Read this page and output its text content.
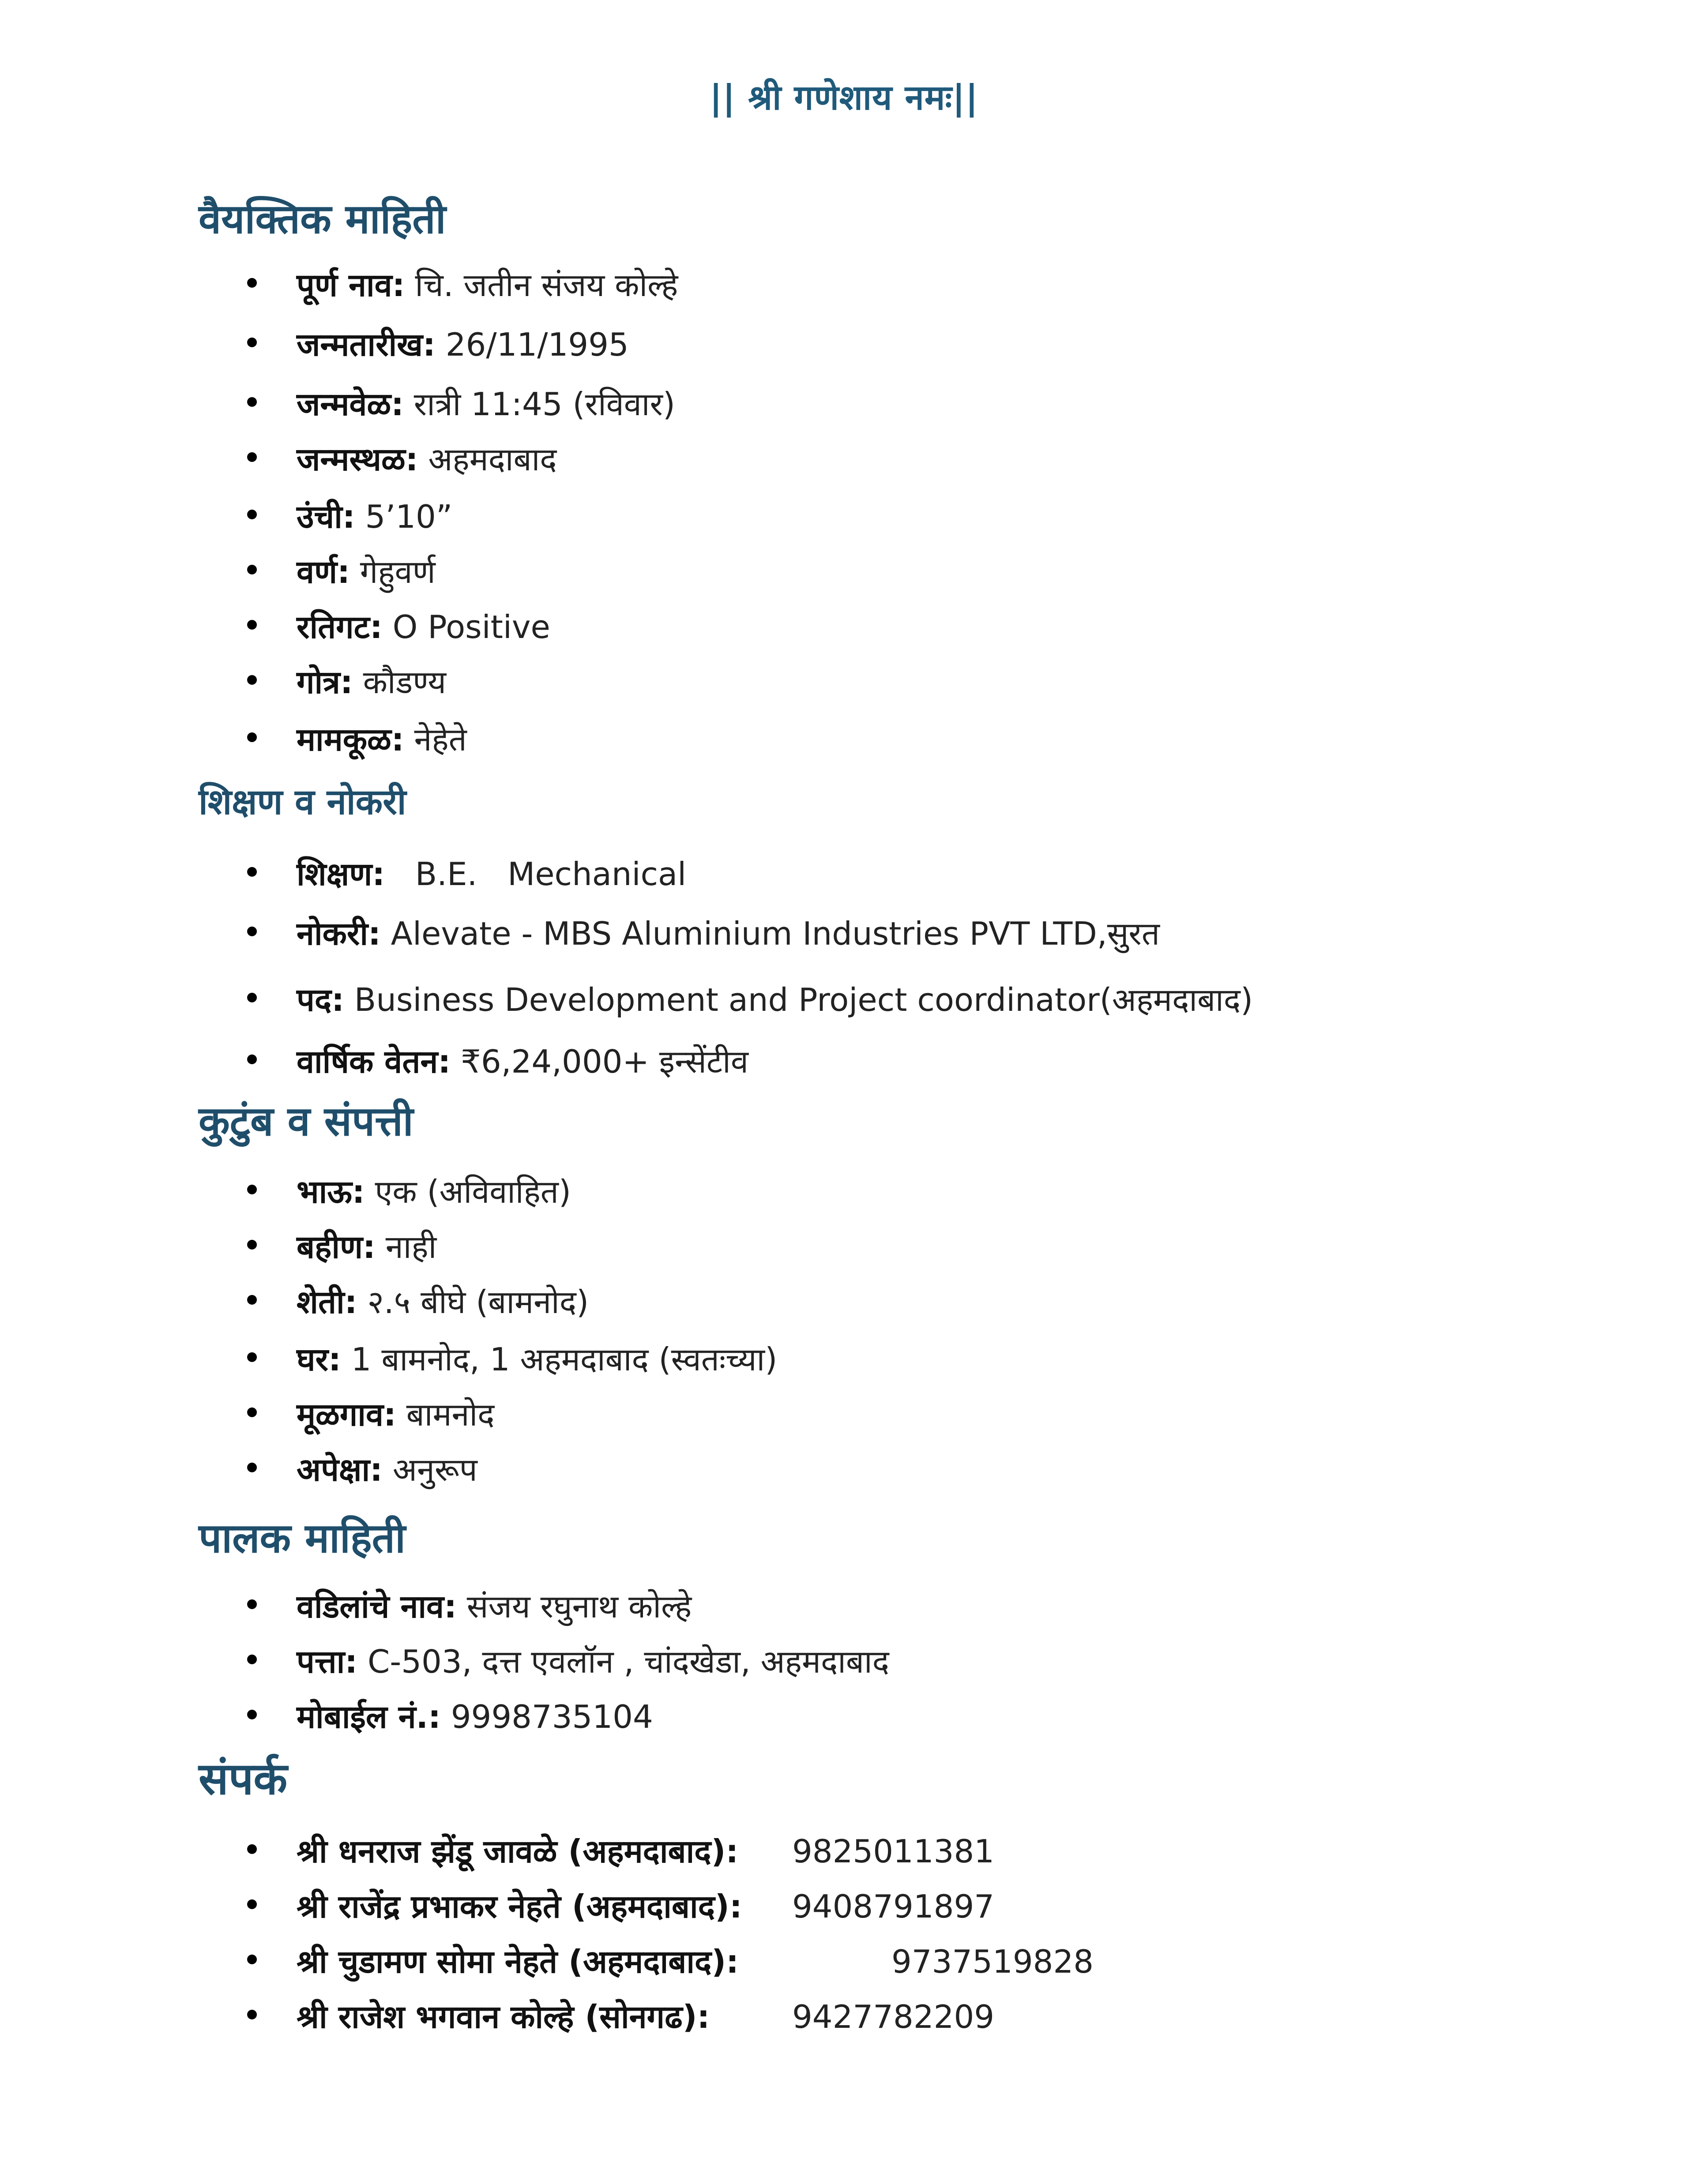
|| श्री गणेशाय नमः||
वैयक्तिक माहिती
पूर्ण नाव: चि. जतीन संजय कोल्हे
जन्मतारीख: 26/11/1995
जन्मवेळ: रात्री 11:45 (रविवार)
जन्मस्थळ: अहमदाबाद
उंची: 5’10”
वर्ण: गेहुवर्ण
रतिगट: O Positive
गोत्र: कौडण्य
मामकूळ: नेहेते
शिक्षण व नोकरी
शिक्षण:   B.E.   Mechanical
नोकरी: Alevate - MBS Aluminium Industries PVT LTD,सुरत
पद: Business Development and Project coordinator(अहमदाबाद)
वार्षिक वेतन: ₹6,24,000+ इन्सेंटीव
कुटुंब व संपत्ती
भाऊ: एक (अविवाहित)
बहीण: नाही
शेती: २.५ बीघे (बामनोद)
घर: 1 बामनोद, 1 अहमदाबाद (स्वतःच्या)
मूळगाव: बामनोद
अपेक्षा: अनुरूप
पालक माहिती
वडिलांचे नाव: संजय रघुनाथ कोल्हे
पत्ता: C-503, दत्त एवलॉन , चांदखेडा, अहमदाबाद
मोबाईल नं.: 9998735104
संपर्क
श्री धनराज झेंडू जावळे (अहमदाबाद): 9825011381
श्री राजेंद्र प्रभाकर नेहते (अहमदाबाद): 9408791897
श्री चुडामण सोमा नेहते (अहमदाबाद):	9737519828
श्री राजेश भगवान कोल्हे (सोनगढ):	9427782209
